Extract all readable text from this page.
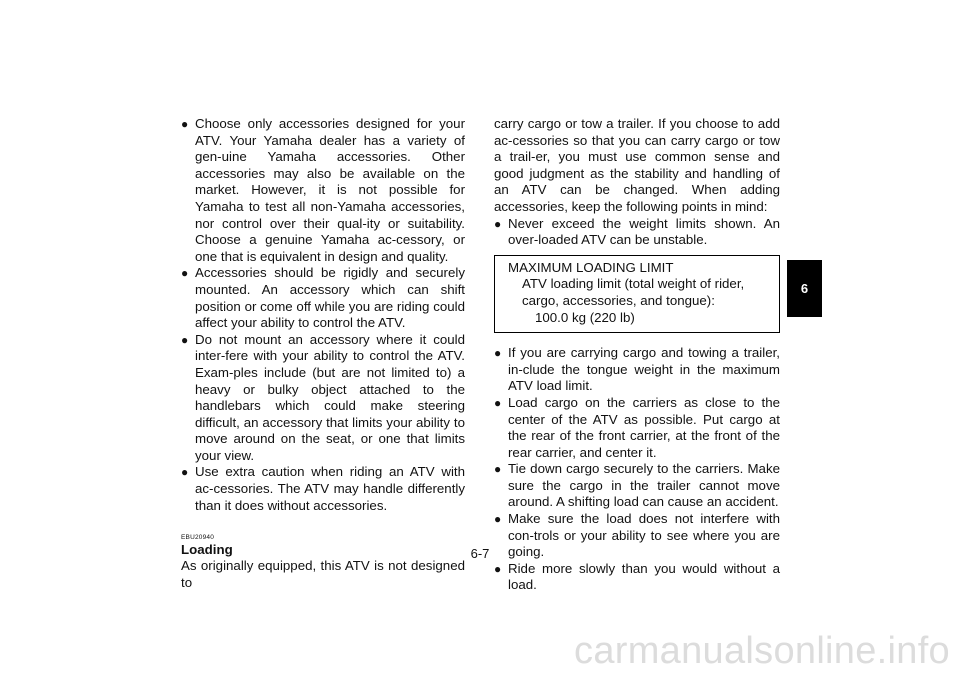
● Choose only accessories designed for your ATV. Your Yamaha dealer has a variety of gen-uine Yamaha accessories. Other accessories may also be available on the market. However, it is not possible for Yamaha to test all non-Yamaha accessories, nor control over their qual-ity or suitability. Choose a genuine Yamaha ac-cessory, or one that is equivalent in design and quality.

● Accessories should be rigidly and securely mounted. An accessory which can shift position or come off while you are riding could affect your ability to control the ATV.

● Do not mount an accessory where it could inter-fere with your ability to control the ATV. Exam-ples include (but are not limited to) a heavy or bulky object attached to the handlebars which could make steering difficult, an accessory that limits your ability to move around on the seat, or one that limits your view.

● Use extra caution when riding an ATV with ac-cessories. The ATV may handle differently than it does without accessories.

EBU20940

Loading

As originally equipped, this ATV is not designed to

carry cargo or tow a trailer. If you choose to add ac-cessories so that you can carry cargo or tow a trail-er, you must use common sense and good judgment as the stability and handling of an ATV can be changed. When adding accessories, keep the following points in mind:

● Never exceed the weight limits shown. An over-loaded ATV can be unstable.

MAXIMUM LOADING LIMIT
ATV loading limit (total weight of rider, cargo, accessories, and tongue):
100.0 kg (220 lb)

● If you are carrying cargo and towing a trailer, in-clude the tongue weight in the maximum ATV load limit.

● Load cargo on the carriers as close to the center of the ATV as possible. Put cargo at the rear of the front carrier, at the front of the rear carrier, and center it.

● Tie down cargo securely to the carriers. Make sure the cargo in the trailer cannot move around. A shifting load can cause an accident.

● Make sure the load does not interfere with con-trols or your ability to see where you are going.

● Ride more slowly than you would without a load.

6
6-7
carmanualsonline.info
